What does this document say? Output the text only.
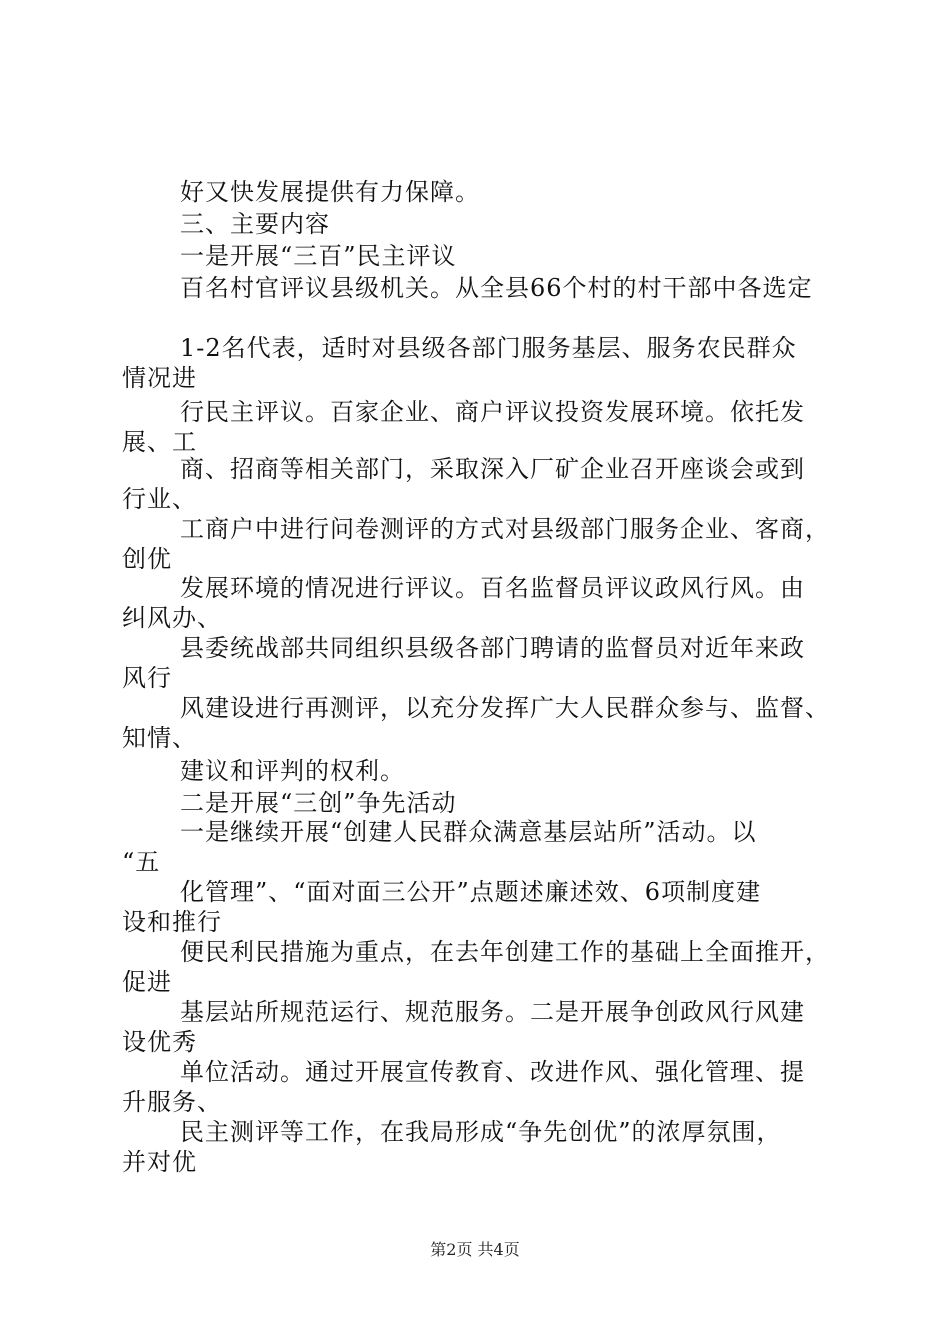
好又快发展提供有力保障。
三、主要内容
一是开展“三百”民主评议
百名村官评议县级机关。从全县66个村的村干部中各选定
1-2名代表，适时对县级各部门服务基层、服务农民群众
情况进
行民主评议。百家企业、商户评议投资发展环境。依托发
展、工
商、招商等相关部门，采取深入厂矿企业召开座谈会或到
行业、
工商户中进行问卷测评的方式对县级部门服务企业、客商，
创优
发展环境的情况进行评议。百名监督员评议政风行风。由
纠风办、
县委统战部共同组织县级各部门聘请的监督员对近年来政
风行
风建设进行再测评，以充分发挥广大人民群众参与、监督、
知情、
建议和评判的权利。
二是开展“三创”争先活动
一是继续开展“创建人民群众满意基层站所”活动。以
“五
化管理”、“面对面三公开”点题述廉述效、6项制度建
设和推行
便民利民措施为重点，在去年创建工作的基础上全面推开，
促进
基层站所规范运行、规范服务。二是开展争创政风行风建
设优秀
单位活动。通过开展宣传教育、改进作风、强化管理、提
升服务、
民主测评等工作，在我局形成“争先创优”的浓厚氛围，
并对优
第2页 共4页
